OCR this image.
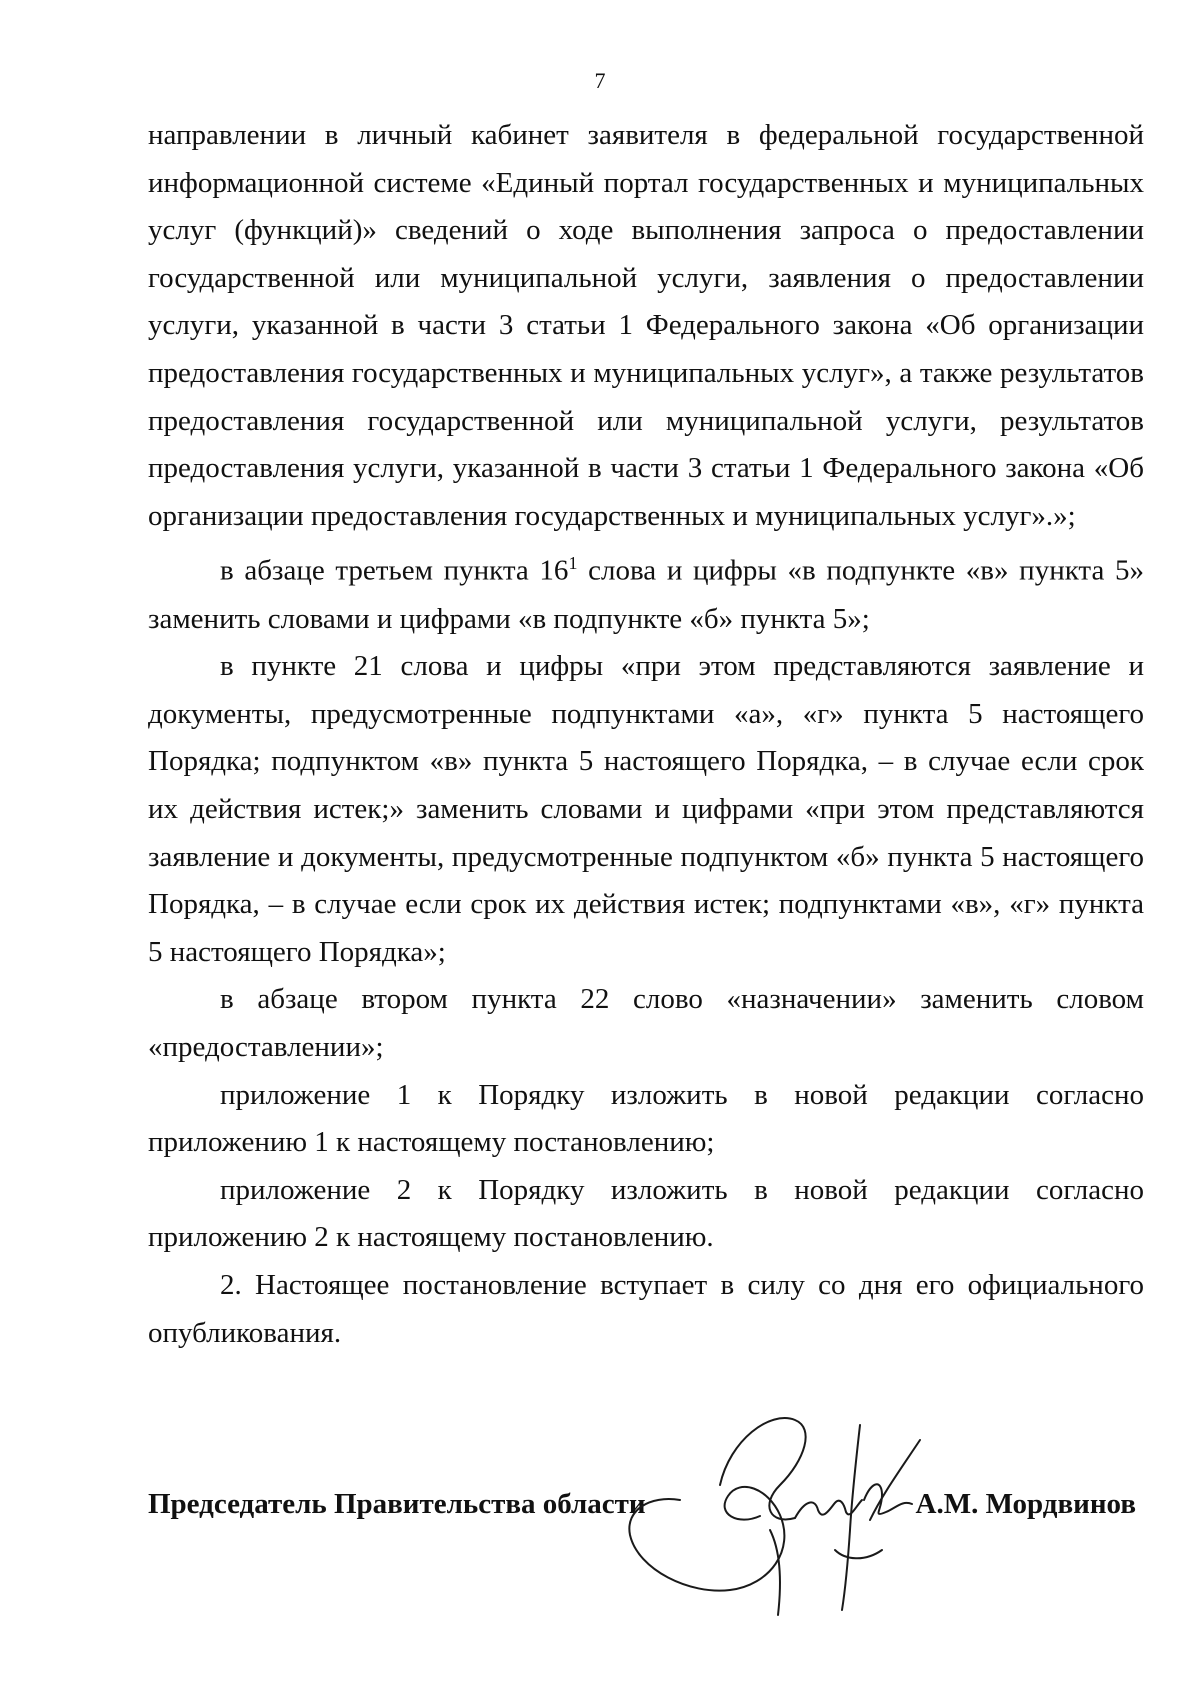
7

направлении в личный кабинет заявителя в федеральной государственной информационной системе «Единый портал государственных и муниципальных услуг (функций)» сведений о ходе выполнения запроса о предоставлении государственной или муниципальной услуги, заявления о предоставлении услуги, указанной в части 3 статьи 1 Федерального закона «Об организации предоставления государственных и муниципальных услуг», а также результатов предоставления государственной или муниципальной услуги, результатов предоставления услуги, указанной в части 3 статьи 1 Федерального закона «Об организации предоставления государственных и муниципальных услуг».»;

в абзаце третьем пункта $16^1$ слова и цифры «в подпункте «в» пункта 5» заменить словами и цифрами «в подпункте «б» пункта 5»;

в пункте 21 слова и цифры «при этом представляются заявление и документы, предусмотренные подпунктами «а», «г» пункта 5 настоящего Порядка; подпунктом «в» пункта 5 настоящего Порядка, – в случае если срок их действия истек;» заменить словами и цифрами «при этом представляются заявление и документы, предусмотренные подпунктом «б» пункта 5 настоящего Порядка, – в случае если срок их действия истек; подпунктами «в», «г» пункта 5 настоящего Порядка»;

в абзаце втором пункта 22 слово «назначении» заменить словом «предоставлении»;

приложение 1 к Порядку изложить в новой редакции согласно приложению 1 к настоящему постановлению;

приложение 2 к Порядку изложить в новой редакции согласно приложению 2 к настоящему постановлению.

2. Настоящее постановление вступает в силу со дня его официального опубликования.

Председатель Правительства области	А.М. Мордвинов
